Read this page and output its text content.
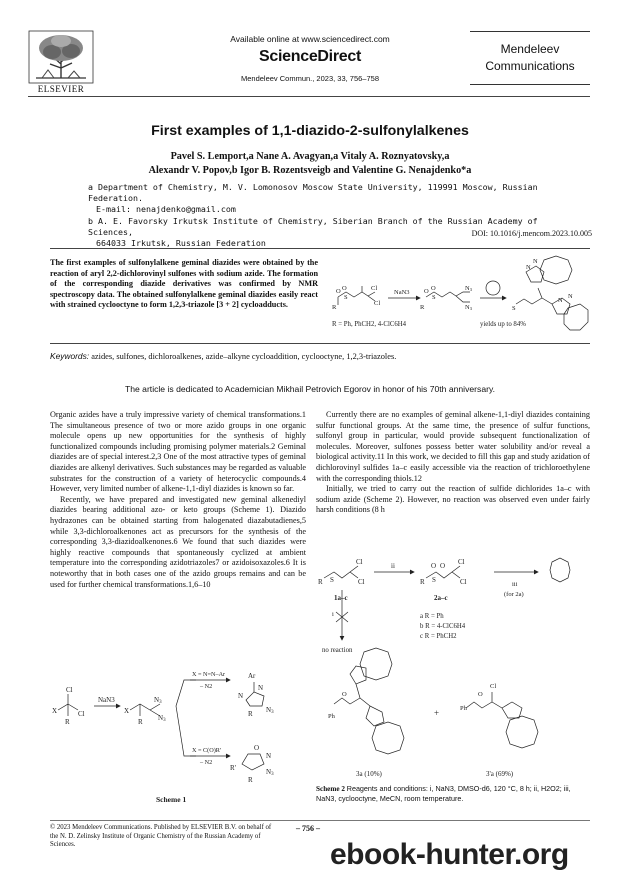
ELSEVIER
Available online at www.sciencedirect.com
ScienceDirect
Mendeleev Commun., 2023, 33, 756–758
Mendeleev
Communications
First examples of 1,1-diazido-2-sulfonylalkenes
Pavel S. Lemport,a Nane A. Avagyan,a Vitaly A. Roznyatovsky,a
Alexandr V. Popov,b Igor B. Rozentsveigb and Valentine G. Nenajdenko*a
a Department of Chemistry, M. V. Lomonosov Moscow State University, 119991 Moscow, Russian Federation.
E-mail: nenajdenko@gmail.com
b A. E. Favorsky Irkutsk Institute of Chemistry, Siberian Branch of the Russian Academy of Sciences,
664033 Irkutsk, Russian Federation
DOI: 10.1016/j.mencom.2023.10.005
The first examples of sulfonylalkene geminal diazides were obtained by the reaction of aryl 2,2-dichlorovinyl sulfones with sodium azide. The formation of the corresponding diazide derivatives was confirmed by NMR spectroscopy data. The obtained sulfonylalkene geminal diazides easily react with strained cyclooctyne to form 1,2,3-triazole [3 + 2] cycloadducts.
O
O
S
R
Cl
Cl
NaN3
O
O
S
R
N3
N3
N
N
S
N
N
R = Ph, PhCH2, 4-ClC6H4	yields up to 84%
Keywords: azides, sulfones, dichloroalkenes, azide–alkyne cycloaddition, cyclooctyne, 1,2,3-triazoles.
The article is dedicated to Academician Mikhail Petrovich Egorov in honor of his 70th anniversary.

Organic azides have a truly impressive variety of chemical transformations.1 The simultaneous presence of two or more azido groups in one organic molecule opens up new opportunities for the synthesis of highly functionalized compounds including promising polymer materials.2 Geminal diazides are of special interest.2,3 One of the most attractive types of geminal diazides are alkenyl derivatives. Such substances may be regarded as valuable substrates for the construction of a variety of heterocyclic compounds.4 However, very limited number of alkene-1,1-diyl diazides is known so far.

Recently, we have prepared and investigated new geminal alkenediyl diazides bearing additional azo- or keto groups (Scheme 1). Diazido hydrazones can be obtained starting from halogenated diazabutadienes,5 while 3,3-dichloroalkenones act as precursors for the synthesis of the corresponding 3,3-diazidoalkenones.6 We found that such diazides were highly reactive compounds that spontaneously cyclized at ambient temperature into the corresponding azidotriazoles7 or azidoisoxazoles.6 It is noteworthy that in both cases one of the azido groups remains and can be used for further chemical transformations.1,6–10

Currently there are no examples of geminal alkene-1,1-diyl diazides containing sulfur functional groups. At the same time, the presence of sulfur functions, sulfonyl group in particular, would provide subsequent functionalization of molecules. Moreover, sulfones possess better water solubility and/or reveal a biological activity.11 In this work, we decided to fill this gap and study azidation of dichlorovinyl sulfides 1a–c easily accessible via the reaction of trichloroethylene with the corresponding thiols.12

Initially, we tried to carry out the reaction of sulfide dichlorides 1a–c with sodium azide (Scheme 2). However, no reaction was observed even under fairly harsh conditions (8 h

X
Cl
Cl
R
NaN3
X
R
N3
N3
X = N=N–Ar
– N2
X = C(O)R'
– N2
Ar
N
N
N3
R
O
N
R'	N3
R
Scheme 1
R S
Cl
Cl
ii
R
O O
S
Cl
Cl	iii
(for 2a)
i
no reaction
Ph
O
Ph
O
Cl
+
1a–c	2a–c
a R = Ph
b R = 4-ClC6H4
c R = PhCH2
3a (10%)	3'a (69%)
Scheme 2 Reagents and conditions: i, NaN3, DMSO-d6, 120 °C, 8 h; ii, H2O2; iii, NaN3, cyclooctyne, MeCN, room temperature.
© 2023 Mendeleev Communications. Published by ELSEVIER B.V. on behalf of the N. D. Zelinsky Institute of Organic Chemistry of the Russian Academy of Sciences.
– 756 –
ebook-hunter.org
